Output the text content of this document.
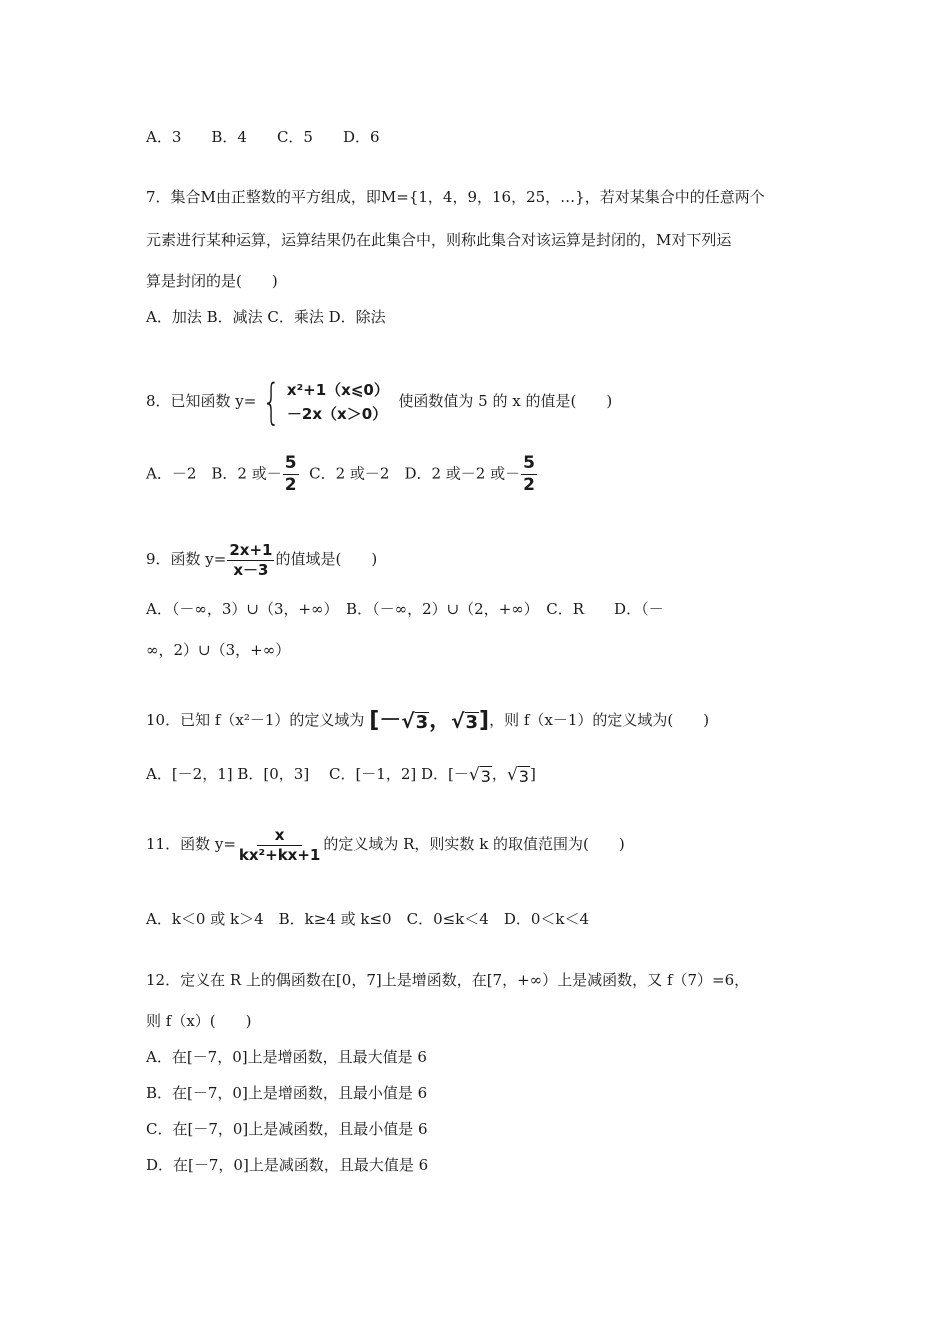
A．3　　B．4　　C．5　　D．6
7．集合M由正整数的平方组成，即M={1，4，9，16，25，…}，若对某集合中的任意两个
元素进行某种运算，运算结果仍在此集合中，则称此集合对该运算是封闭的，M对下列运
算是封闭的是(　　)
A．加法 B．减法 C．乘法 D．除法
8．已知函数 y= { x²+1（x⩽0）
－2x（x＞0）
使函数值为 5 的 x 的值是(　　)
A．－2　B．2 或－ $\frac{5}{2}$ C．2 或－2　D．2 或－2 或－ $\frac{5}{2}$
9．函数 $y= \frac{2x+1}{x-3}$ 的值域是(　　)
A．（－∞，3）∪（3，+∞）　B．（－∞，2）∪（2，+∞）　C．R　　D．（－
∞，2）∪（3，+∞）
10．已知 f（x²－1）的定义域为 [－ √ 3 ， √ 3 ]，则 f（x－1）的定义域为(　　)
A．[－2，1] B．[0，3]　 C．[－1，2] D．[－ √ 3 ， √ 3 ]
11．函数 $y= \frac{x}{\text{kx²+kx+1}}$ 的定义域为 R，则实数 k 的取值范围为(　　)
A．k＜0 或 k＞4　B．k≥4 或 k≤0　C．0≤k＜4　D．0＜k＜4
12．定义在 R 上的偶函数在[0，7]上是增函数，在[7，+∞）上是减函数，又 f（7）=6，
则 f（x）(　　)
A．在[－7，0]上是增函数，且最大值是 6
B．在[－7，0]上是增函数，且最小值是 6
C．在[－7，0]上是减函数，且最小值是 6
D．在[－7，0]上是减函数，且最大值是 6
